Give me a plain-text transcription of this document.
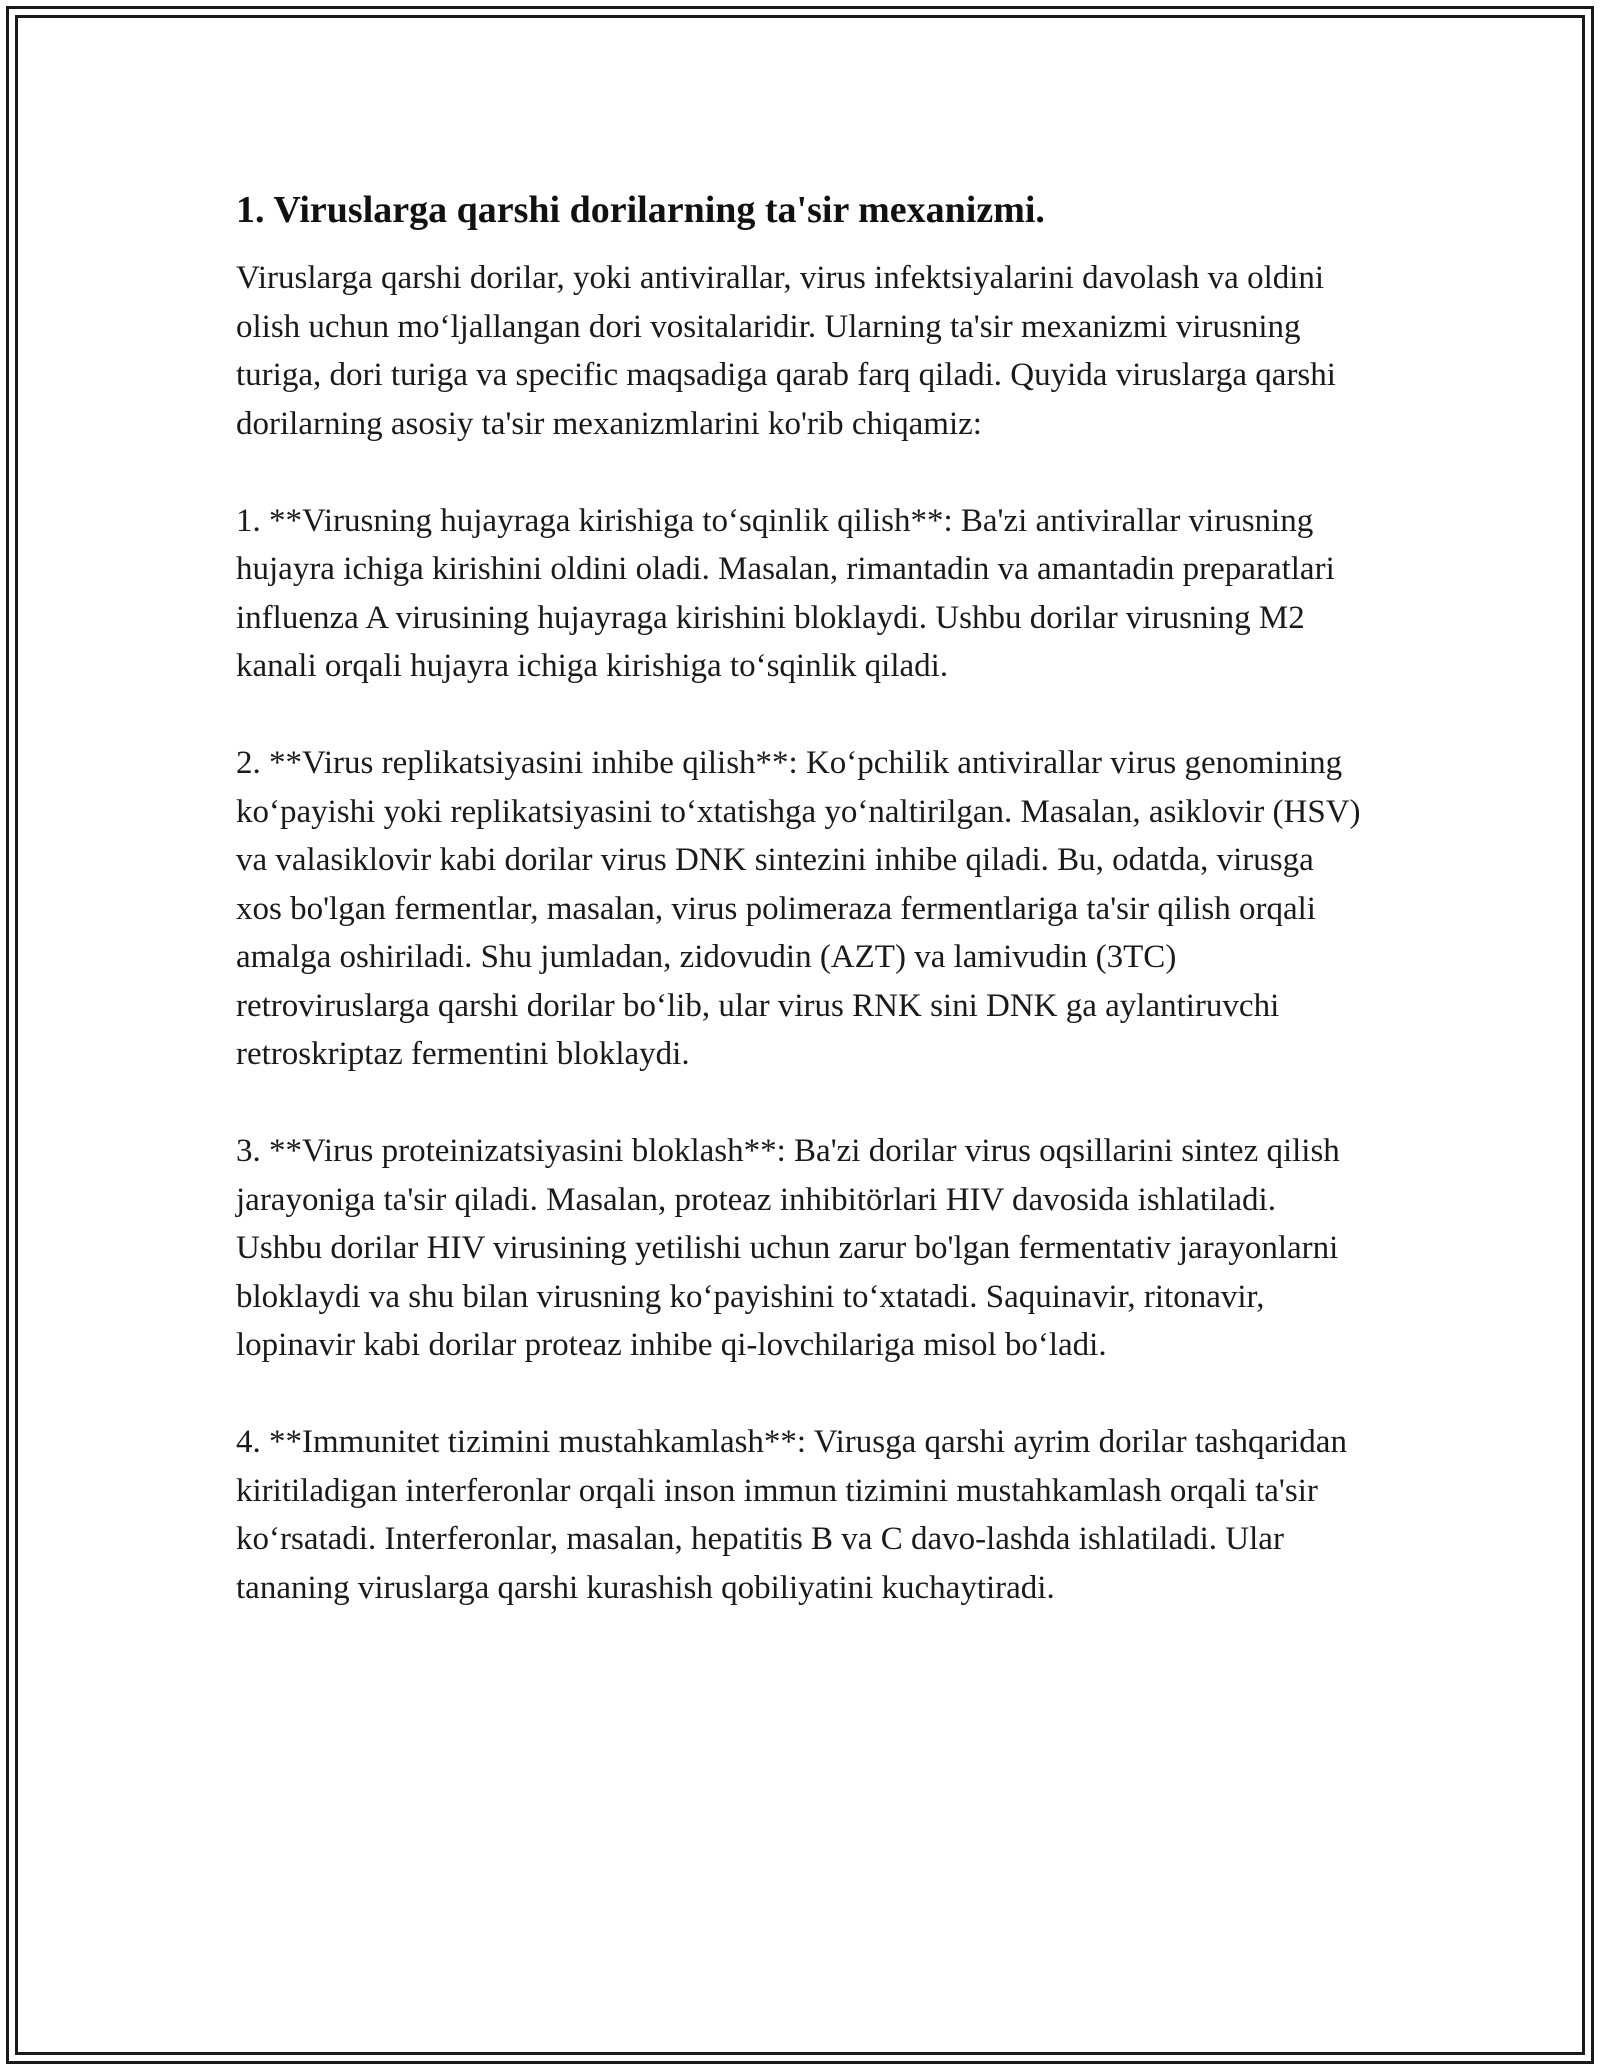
1. Viruslarga qarshi dorilarning ta'sir mexanizmi.

Viruslarga qarshi dorilar, yoki antivirallar, virus infektsiyalarini davolash va oldini olish uchun mo‘ljallangan dori vositalaridir. Ularning ta'sir mexanizmi virusning turiga, dori turiga va specific maqsadiga qarab farq qiladi. Quyida viruslarga qarshi dorilarning asosiy ta'sir mexanizmlarini ko'rib chiqamiz:

1. **Virusning hujayraga kirishiga to‘sqinlik qilish**: Ba'zi antivirallar virusning hujayra ichiga kirishini oldini oladi. Masalan, rimantadin va amantadin preparatlari influenza A virusining hujayraga kirishini bloklaydi. Ushbu dorilar virusning M2 kanali orqali hujayra ichiga kirishiga to‘sqinlik qiladi.

2. **Virus replikatsiyasini inhibe qilish**: Ko‘pchilik antivirallar virus genomining ko‘payishi yoki replikatsiyasini to‘xtatishga yo‘naltirilgan. Masalan, asiklovir (HSV) va valasiklovir kabi dorilar virus DNK sintezini inhibe qiladi. Bu, odatda, virusga xos bo'lgan fermentlar, masalan, virus polimeraza fermentlariga ta'sir qilish orqali amalga oshiriladi. Shu jumladan, zidovudin (AZT) va lamivudin (3TC) retroviruslarga qarshi dorilar bo‘lib, ular virus RNK sini DNK ga aylantiruvchi retroskriptaz fermentini bloklaydi.

3. **Virus proteinizatsiyasini bloklash**: Ba'zi dorilar virus oqsillarini sintez qilish jarayoniga ta'sir qiladi. Masalan, proteaz inhibitörlari HIV davosida ishlatiladi. Ushbu dorilar HIV virusining yetilishi uchun zarur bo'lgan fermentativ jarayonlarni bloklaydi va shu bilan virusning ko‘payishini to‘xtatadi. Saquinavir, ritonavir, lopinavir kabi dorilar proteaz inhibe qi-lovchilariga misol bo‘ladi.

4. **Immunitet tizimini mustahkamlash**: Virusga qarshi ayrim dorilar tashqaridan kiritiladigan interferonlar orqali inson immun tizimini mustahkamlash orqali ta'sir ko‘rsatadi. Interferonlar, masalan, hepatitis B va C davo-lashda ishlatiladi. Ular tananing viruslarga qarshi kurashish qobiliyatini kuchaytiradi.
